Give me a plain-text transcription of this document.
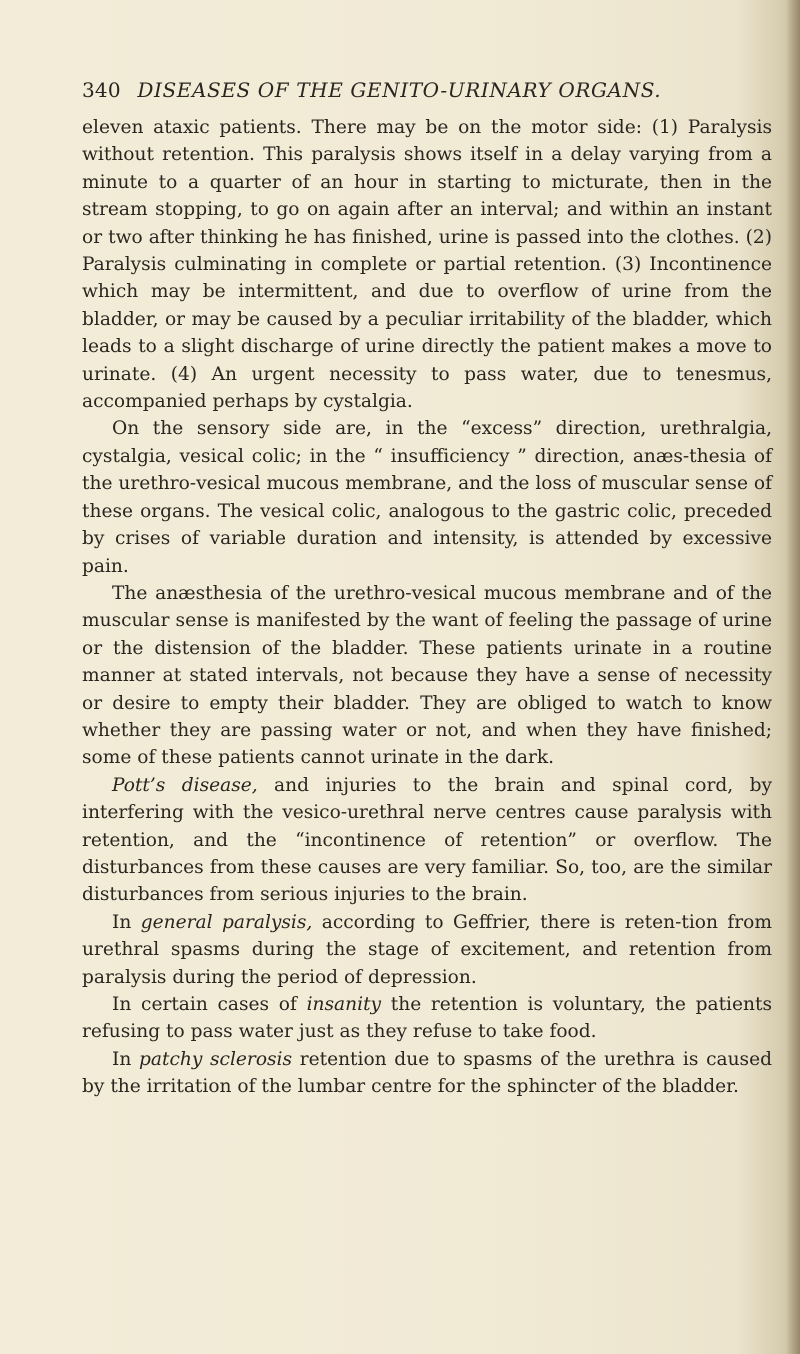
340 DISEASES OF THE GENITO-URINARY ORGANS.

eleven ataxic patients. There may be on the motor side: (1) Paralysis without retention. This paralysis shows itself in a delay varying from a minute to a quarter of an hour in starting to micturate, then in the stream stopping, to go on again after an interval; and within an instant or two after thinking he has finished, urine is passed into the clothes. (2) Paralysis culminating in complete or partial retention. (3) Incontinence which may be intermittent, and due to overflow of urine from the bladder, or may be caused by a peculiar irritability of the bladder, which leads to a slight discharge of urine directly the patient makes a move to urinate. (4) An urgent necessity to pass water, due to tenesmus, accompanied perhaps by cystalgia.

On the sensory side are, in the “excess” direction, urethralgia, cystalgia, vesical colic; in the “ insufficiency ” direction, anæs-thesia of the urethro-vesical mucous membrane, and the loss of muscular sense of these organs. The vesical colic, analogous to the gastric colic, preceded by crises of variable duration and intensity, is attended by excessive pain.

The anæsthesia of the urethro-vesical mucous membrane and of the muscular sense is manifested by the want of feeling the passage of urine or the distension of the bladder. These patients urinate in a routine manner at stated intervals, not because they have a sense of necessity or desire to empty their bladder. They are obliged to watch to know whether they are passing water or not, and when they have finished; some of these patients cannot urinate in the dark.

Pott’s disease, and injuries to the brain and spinal cord, by interfering with the vesico-urethral nerve centres cause paralysis with retention, and the “incontinence of retention” or overflow. The disturbances from these causes are very familiar. So, too, are the similar disturbances from serious injuries to the brain.

In general paralysis, according to Geffrier, there is reten-tion from urethral spasms during the stage of excitement, and retention from paralysis during the period of depression.

In certain cases of insanity the retention is voluntary, the patients refusing to pass water just as they refuse to take food.

In patchy sclerosis retention due to spasms of the urethra is caused by the irritation of the lumbar centre for the sphincter of the bladder.
